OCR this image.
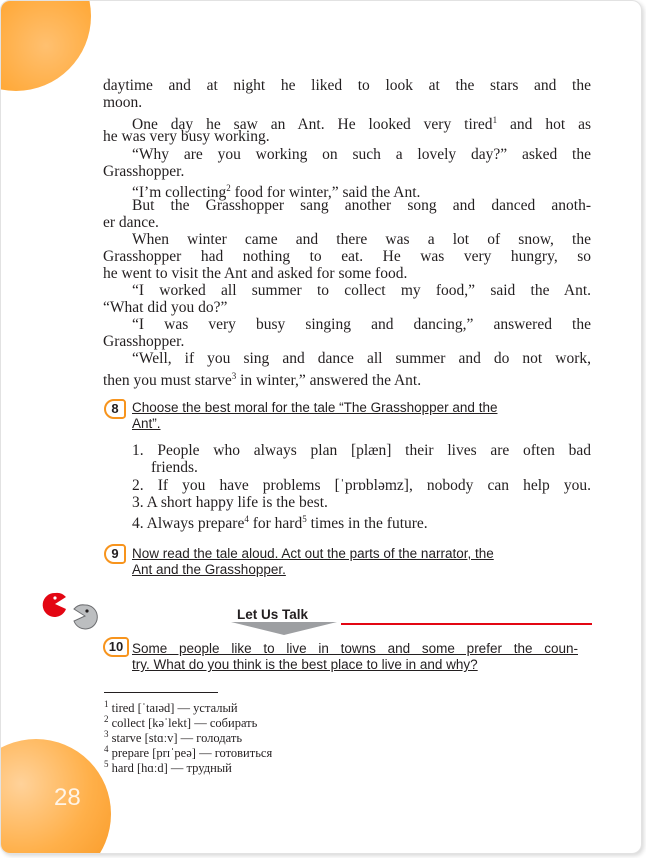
28
daytime and at night he liked to look at the stars and the
moon.
One day he saw an Ant. He looked very tired$^1$ and hot as
he was very busy working.
“Why are you working on such a lovely day?” asked the
Grasshopper.
“I’m collecting$^2$ food for winter,” said the Ant.
But the Grasshopper sang another song and danced anoth-
er dance.
When winter came and there was a lot of snow, the
Grasshopper had nothing to eat. He was very hungry, so
he went to visit the Ant and asked for some food.
“I worked all summer to collect my food,” said the Ant.
“What did you do?”
“I was very busy singing and dancing,” answered the
Grasshopper.
“Well, if you sing and dance all summer and do not work,
then you must starve$^3$ in winter,” answered the Ant.
8 Choose the best moral for the tale “The Grasshopper and the
Ant”.
1. People who always plan [plæn] their lives are often bad
friends.
2. If you have problems [ˈprɒbləmz], nobody can help you.
3. A short happy life is the best.
4. Always prepare$^4$ for hard$^5$ times in the future.
9 Now read the tale aloud. Act out the parts of the narrator, the
Ant and the Grasshopper.
Let Us Talk
10 Some people like to live in towns and some prefer the coun-
try. What do you think is the best place to live in and why?
$^1$ tired [ˈtaɪəd] — усталый
$^2$ collect [kəˈlekt] — собирать
$^3$ starve [stɑːv] — голодать
$^4$ prepare [prɪˈpeə] — готовиться
$^5$ hard [hɑːd] — трудный
